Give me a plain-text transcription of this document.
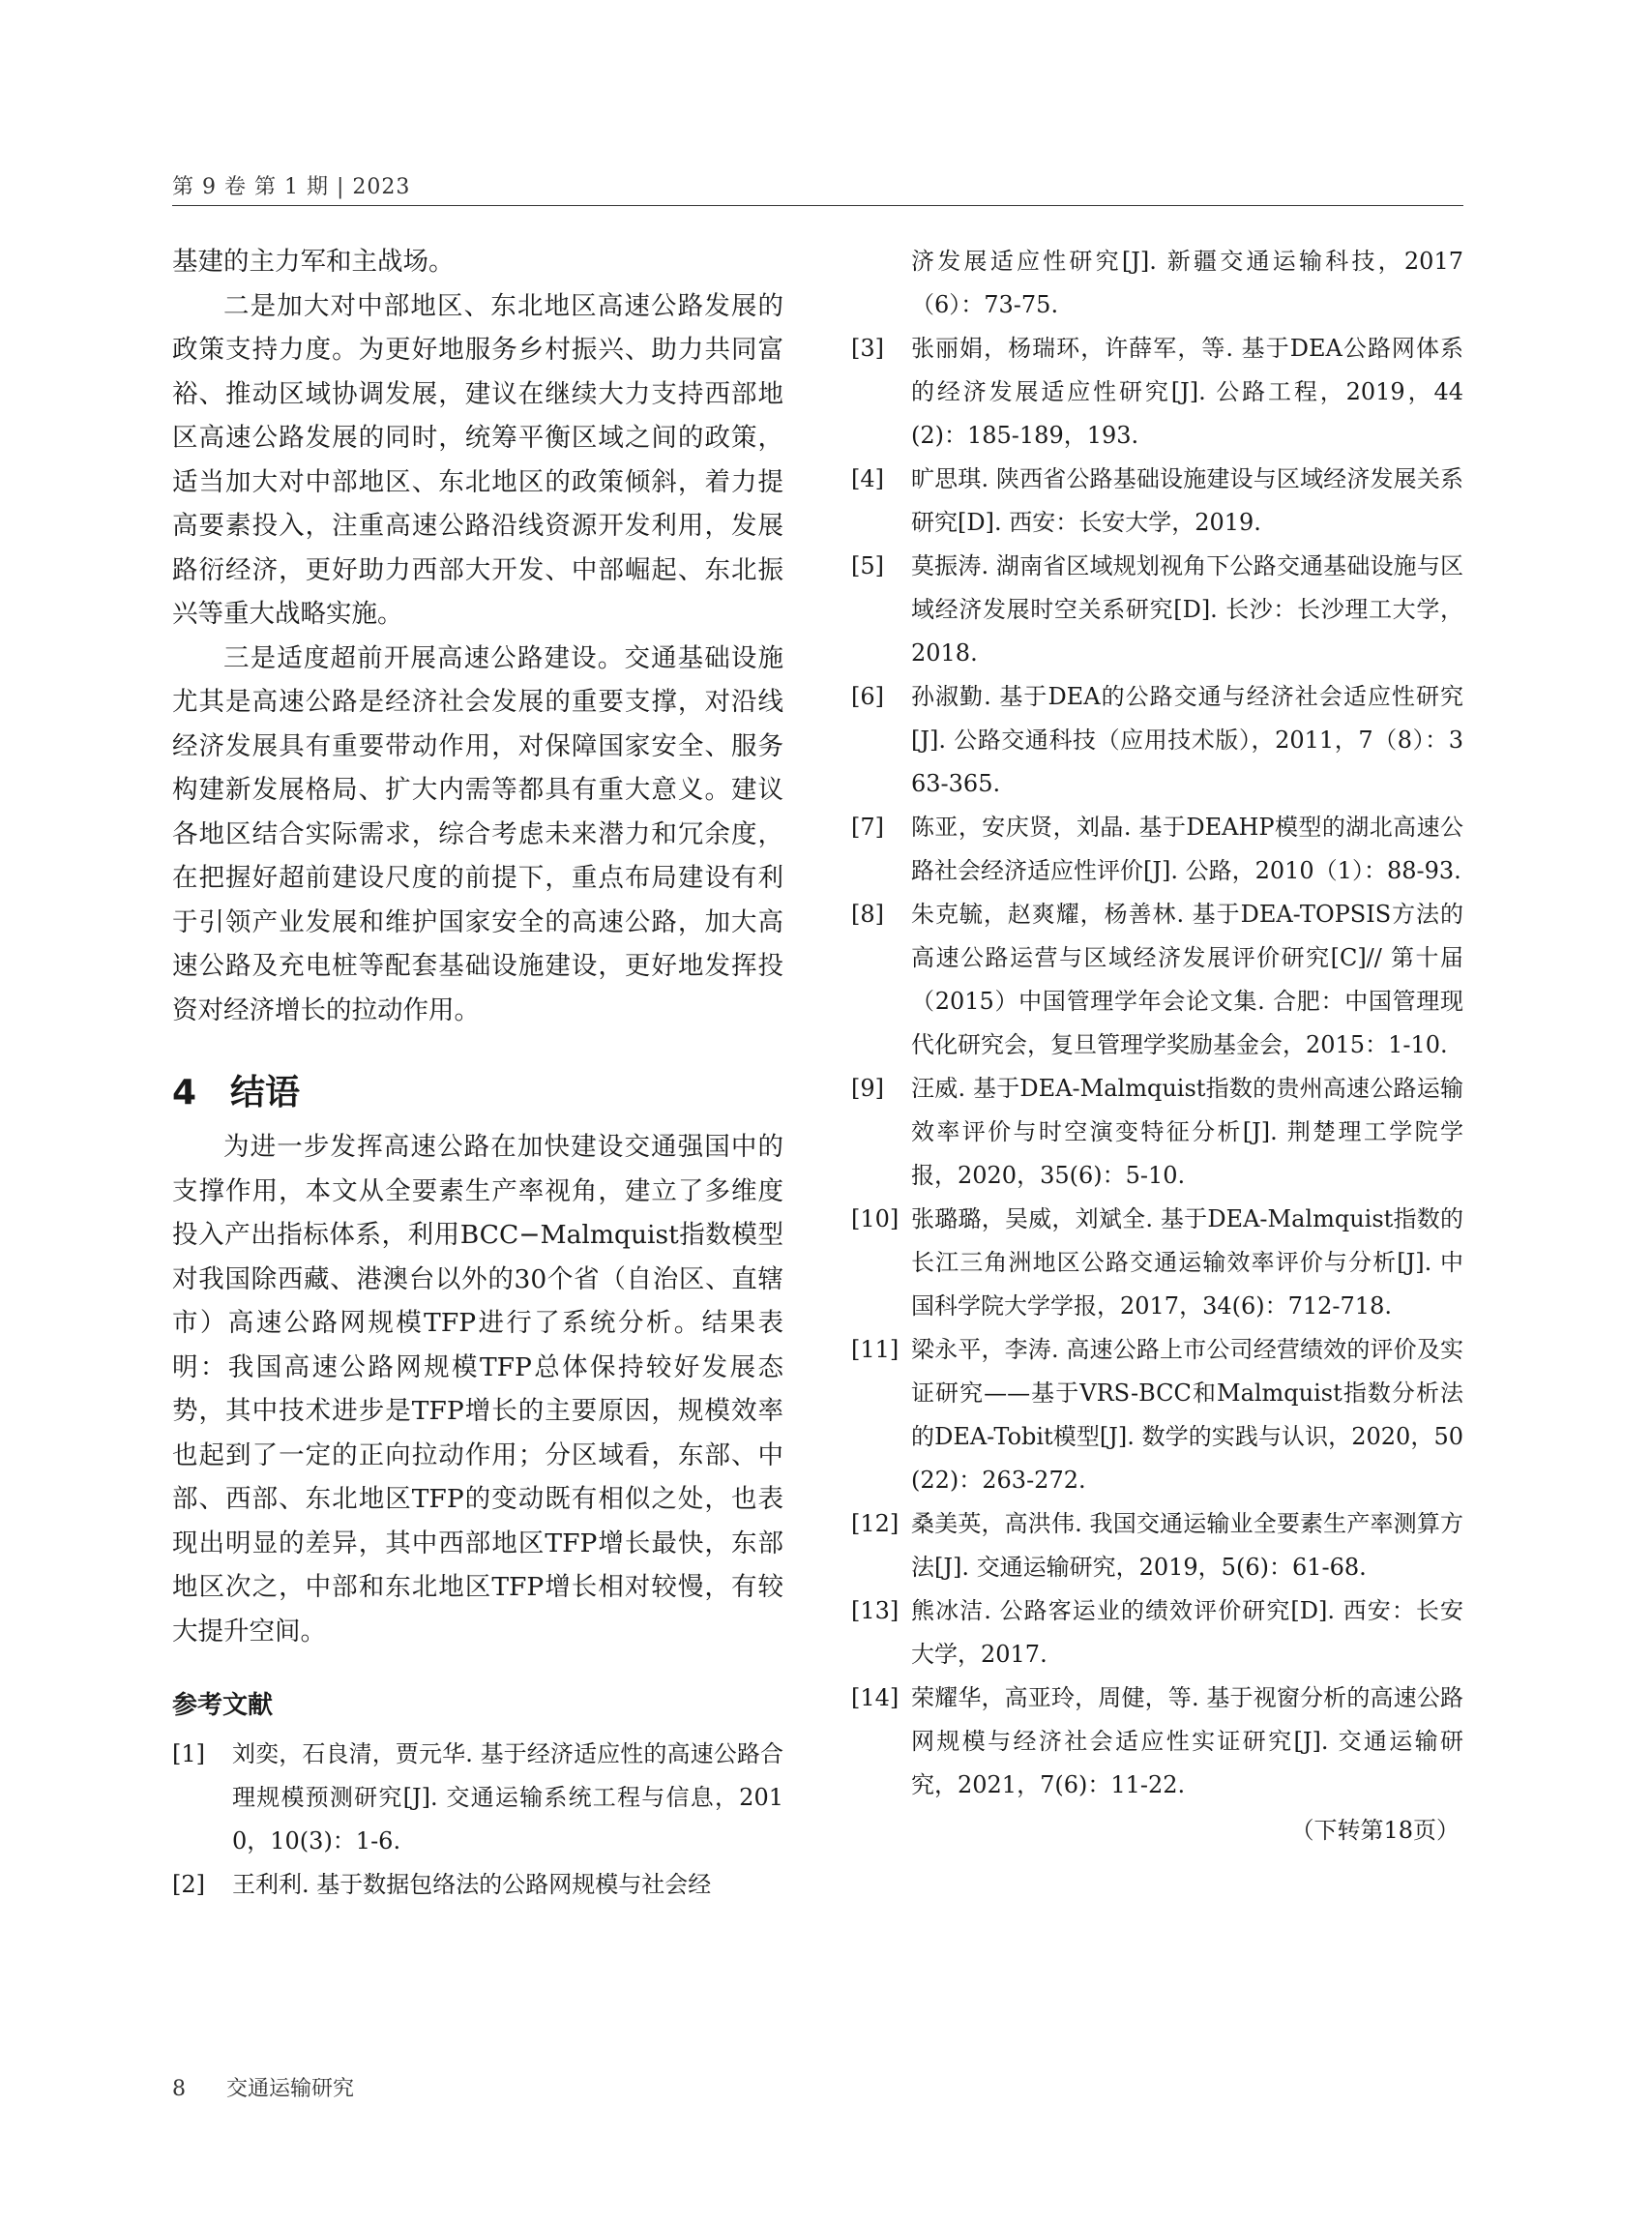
第 9 卷 第 1 期 | 2023

基建的主力军和主战场。

二是加大对中部地区、东北地区高速公路发展的政策支持力度。为更好地服务乡村振兴、助力共同富裕、推动区域协调发展，建议在继续大力支持西部地区高速公路发展的同时，统筹平衡区域之间的政策，适当加大对中部地区、东北地区的政策倾斜，着力提高要素投入，注重高速公路沿线资源开发利用，发展路衍经济，更好助力西部大开发、中部崛起、东北振兴等重大战略实施。

三是适度超前开展高速公路建设。交通基础设施尤其是高速公路是经济社会发展的重要支撑，对沿线经济发展具有重要带动作用，对保障国家安全、服务构建新发展格局、扩大内需等都具有重大意义。建议各地区结合实际需求，综合考虑未来潜力和冗余度，在把握好超前建设尺度的前提下，重点布局建设有利于引领产业发展和维护国家安全的高速公路，加大高速公路及充电桩等配套基础设施建设，更好地发挥投资对经济增长的拉动作用。

4 结语

为进一步发挥高速公路在加快建设交通强国中的支撑作用，本文从全要素生产率视角，建立了多维度投入产出指标体系，利用BCC−Malmquist指数模型对我国除西藏、港澳台以外的30个省（自治区、直辖市）高速公路网规模TFP进行了系统分析。结果表明：我国高速公路网规模TFP总体保持较好发展态势，其中技术进步是TFP增长的主要原因，规模效率也起到了一定的正向拉动作用；分区域看，东部、中部、西部、东北地区TFP的变动既有相似之处，也表现出明显的差异，其中西部地区TFP增长最快，东部地区次之，中部和东北地区TFP增长相对较慢，有较大提升空间。

参考文献
[1]	刘奕，石良清，贾元华. 基于经济适应性的高速公路合理规模预测研究[J]. 交通运输系统工程与信息，2010，10(3)：1-6.
[2]	王利利. 基于数据包络法的公路网规模与社会经
济发展适应性研究[J]. 新疆交通运输科技，2017（6）：73-75.
[3]	张丽娟，杨瑞环，许薛军，等. 基于DEA公路网体系的经济发展适应性研究[J]. 公路工程，2019，44(2)：185-189，193.
[4]	旷思琪. 陕西省公路基础设施建设与区域经济发展关系研究[D]. 西安：长安大学，2019.
[5]	莫振涛. 湖南省区域规划视角下公路交通基础设施与区域经济发展时空关系研究[D]. 长沙：长沙理工大学，2018.
[6]	孙淑勤. 基于DEA的公路交通与经济社会适应性研究[J]. 公路交通科技（应用技术版），2011，7（8）：363-365.
[7]	陈亚，安庆贤，刘晶. 基于DEAHP模型的湖北高速公路社会经济适应性评价[J]. 公路，2010（1）：88-93.
[8]	朱克毓，赵爽耀，杨善林. 基于DEA-TOPSIS方法的高速公路运营与区域经济发展评价研究[C]// 第十届（2015）中国管理学年会论文集. 合肥：中国管理现代化研究会，复旦管理学奖励基金会，2015：1-10.
[9]	汪威. 基于DEA-Malmquist指数的贵州高速公路运输效率评价与时空演变特征分析[J]. 荆楚理工学院学报，2020，35(6)：5-10.
[10] 张璐璐，吴威，刘斌全. 基于DEA-Malmquist指数的长江三角洲地区公路交通运输效率评价与分析[J]. 中国科学院大学学报，2017，34(6)：712-718.
[11] 梁永平，李涛. 高速公路上市公司经营绩效的评价及实证研究——基于VRS-BCC和Malmquist指数分析法的DEA-Tobit模型[J]. 数学的实践与认识，2020，50(22)：263-272.
[12] 桑美英，高洪伟. 我国交通运输业全要素生产率测算方法[J]. 交通运输研究，2019，5(6)：61-68.
[13] 熊冰洁. 公路客运业的绩效评价研究[D]. 西安：长安大学，2017.
[14] 荣耀华，高亚玲，周健，等. 基于视窗分析的高速公路网规模与经济社会适应性实证研究[J]. 交通运输研究，2021，7(6)：11-22.
（下转第18页）
8 交通运输研究
